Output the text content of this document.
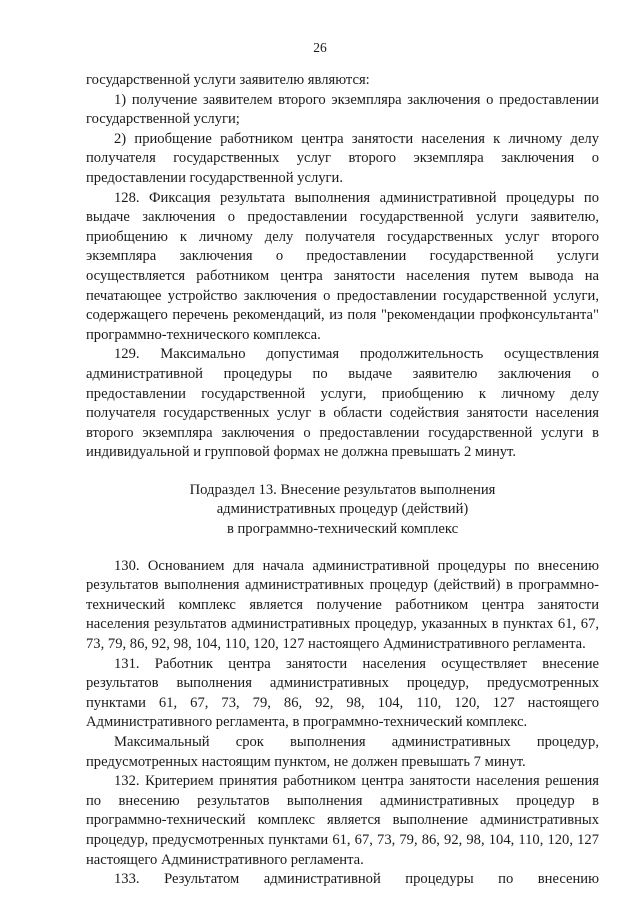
26

государственной услуги заявителю являются:

1) получение заявителем второго экземпляра заключения о предоставлении государственной услуги;

2) приобщение работником центра занятости населения к личному делу получателя государственных услуг второго экземпляра заключения о предоставлении государственной услуги.

128. Фиксация результата выполнения административной процедуры по выдаче заключения о предоставлении государственной услуги заявителю, приобщению к личному делу получателя государственных услуг второго экземпляра заключения о предоставлении государственной услуги осуществляется работником центра занятости населения путем вывода на печатающее устройство заключения о предоставлении государственной услуги, содержащего перечень рекомендаций, из поля "рекомендации профконсультанта" программно-технического комплекса.

129. Максимально допустимая продолжительность осуществления административной процедуры по выдаче заявителю заключения о предоставлении государственной услуги, приобщению к личному делу получателя государственных услуг в области содействия занятости населения второго экземпляра заключения о предоставлении государственной услуги в индивидуальной и групповой формах не должна превышать 2 минут.

Подраздел 13. Внесение результатов выполнения
административных процедур (действий)
в программно-технический комплекс

130. Основанием для начала административной процедуры по внесению результатов выполнения административных процедур (действий) в программно-технический комплекс является получение работником центра занятости населения результатов административных процедур, указанных в пунктах 61, 67, 73, 79, 86, 92, 98, 104, 110, 120, 127 настоящего Административного регламента.

131. Работник центра занятости населения осуществляет внесение результатов выполнения административных процедур, предусмотренных пунктами 61, 67, 73, 79, 86, 92, 98, 104, 110, 120, 127 настоящего Административного регламента, в программно-технический комплекс.

Максимальный срок выполнения административных процедур, предусмотренных настоящим пунктом, не должен превышать 7 минут.

132. Критерием принятия работником центра занятости населения решения по внесению результатов выполнения административных процедур в программно-технический комплекс является выполнение административных процедур, предусмотренных пунктами 61, 67, 73, 79, 86, 92, 98, 104, 110, 120, 127 настоящего Административного регламента.

133. Результатом административной процедуры по внесению
